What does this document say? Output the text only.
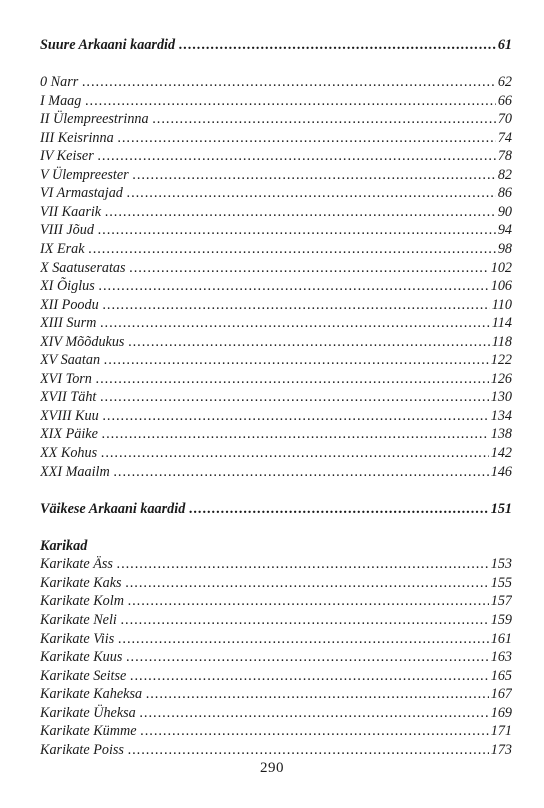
Suure Arkaani kaardid .....	61
0 Narr .....	62
I Maag .....	66
II Ülempreestrinna .....	70
III Keisrinna .....	74
IV Keiser .....	78
V Ülempreester .....	82
VI Armastajad .....	86
VII Kaarik .....	90
VIII Jõud .....	94
IX Erak .....	98
X Saatuseratas .....	102
XI Õiglus .....	106
XII Poodu .....	110
XIII Surm .....	114
XIV Mõõdukus .....	118
XV Saatan .....	122
XVI Torn .....	126
XVII Täht .....	130
XVIII Kuu .....	134
XIX Päike .....	138
XX Kohus .....	142
XXI Maailm .....	146
Väikese Arkaani kaardid .....	151
Karikad
Karikate Äss .....	153
Karikate Kaks .....	155
Karikate Kolm .....	157
Karikate Neli .....	159
Karikate Viis .....	161
Karikate Kuus .....	163
Karikate Seitse .....	165
Karikate Kaheksa .....	167
Karikate Üheksa .....	169
Karikate Kümme .....	171
Karikate Poiss .....	173
290
